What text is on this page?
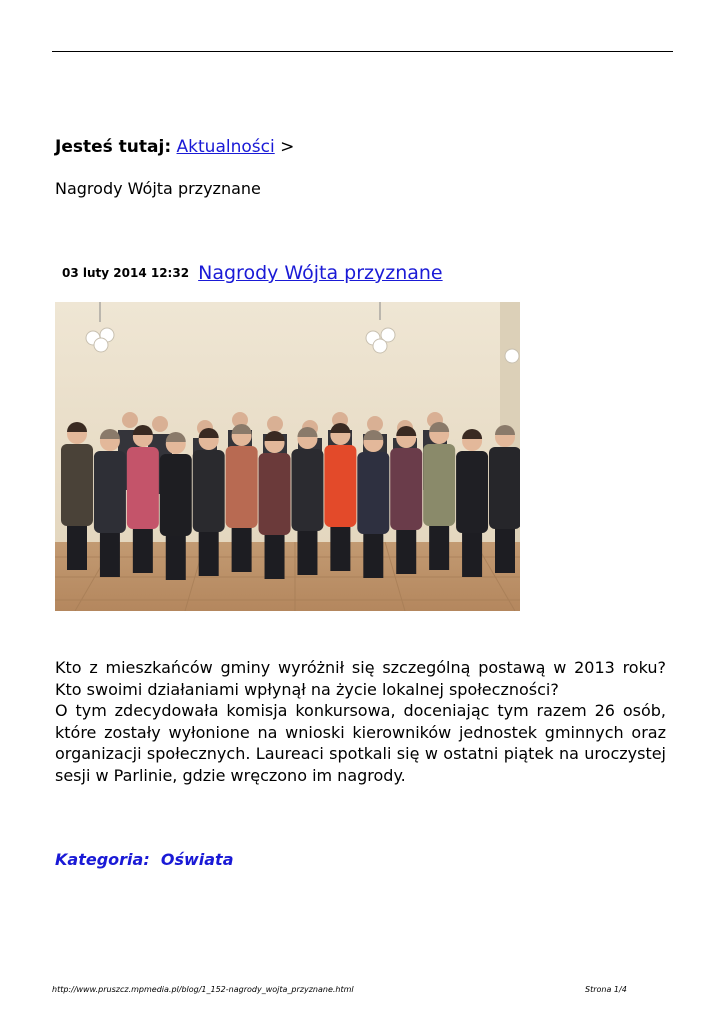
Jesteś tutaj: Aktualności >
Nagrody Wójta przyznane
03 luty 2014 12:32 Nagrody Wójta przyznane
Kto z mieszkańców gminy wyróżnił się szczególną postawą w 2013 roku? Kto swoimi działaniami wpłynął na życie lokalnej społeczności?
O tym zdecydowała komisja konkursowa, doceniając tym razem 26 osób, które zostały wyłonione na wnioski kierowników jednostek gminnych oraz organizacji społecznych. Laureaci spotkali się w ostatni piątek na uroczystej sesji w Parlinie, gdzie wręczono im nagrody.
Kategoria: Oświata
http://www.pruszcz.mpmedia.pl/blog/1_152-nagrody_wojta_przyznane.html	Strona 1/4
